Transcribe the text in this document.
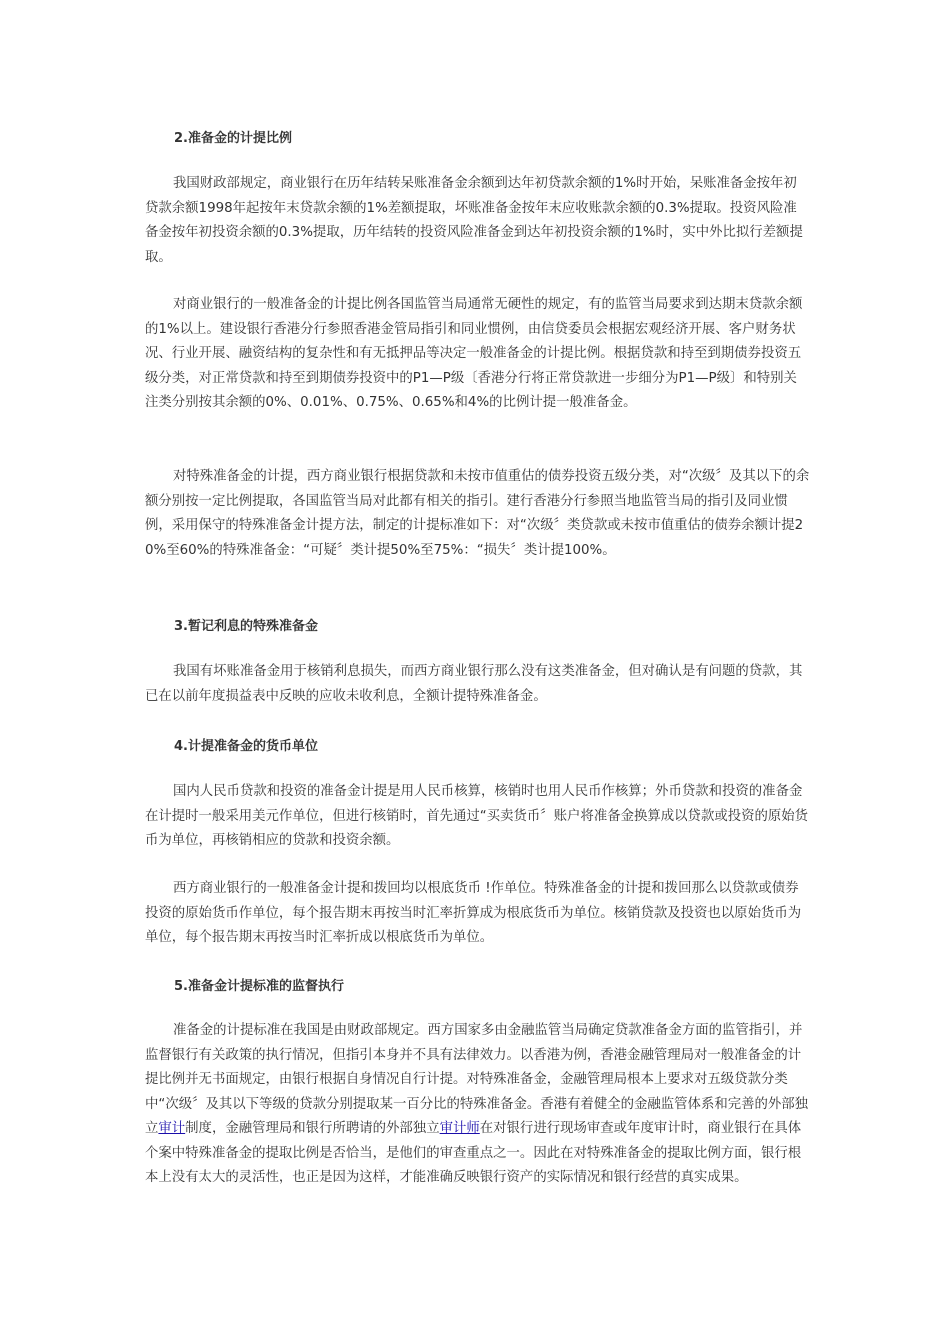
2.准备金的计提比例
我国财政部规定，商业银行在历年结转呆账准备金余额到达年初贷款余额的1%时开始，呆账准备金按年初贷款余额1998年起按年末贷款余额的1%差额提取，坏账准备金按年末应收账款余额的0.3%提取。投资风险准备金按年初投资余额的0.3%提取，历年结转的投资风险准备金到达年初投资余额的1%时，实中外比拟行差额提取。
对商业银行的一般准备金的计提比例各国监管当局通常无硬性的规定，有的监管当局要求到达期末贷款余额的1%以上。建设银行香港分行参照香港金管局指引和同业惯例，由信贷委员会根据宏观经济开展、客户财务状况、行业开展、融资结构的复杂性和有无抵押品等决定一般准备金的计提比例。根据贷款和持至到期债券投资五级分类，对正常贷款和持至到期债券投资中的P1—P级〔香港分行将正常贷款进一步细分为P1—P级〕和特别关注类分别按其余额的0%、0.01%、0.75%、0.65%和4%的比例计提一般准备金。
对特殊准备金的计提，西方商业银行根据贷款和未按市值重估的债券投资五级分类，对“次级〞及其以下的余额分别按一定比例提取，各国监管当局对此都有相关的指引。建行香港分行参照当地监管当局的指引及同业惯例，采用保守的特殊准备金计提方法，制定的计提标准如下：对“次级〞类贷款或未按市值重估的债券余额计提20%至60%的特殊准备金：“可疑〞类计提50%至75%：“损失〞类计提100%。
3.暂记利息的特殊准备金
我国有坏账准备金用于核销利息损失，而西方商业银行那么没有这类准备金，但对确认是有问题的贷款，其已在以前年度损益表中反映的应收未收利息，全额计提特殊准备金。
4.计提准备金的货币单位
国内人民币贷款和投资的准备金计提是用人民币核算，核销时也用人民币作核算；外币贷款和投资的准备金在计提时一般采用美元作单位，但进行核销时，首先通过“买卖货币〞账户将准备金换算成以贷款或投资的原始货币为单位，再核销相应的贷款和投资余额。
西方商业银行的一般准备金计提和拨回均以根底货币 !作单位。特殊准备金的计提和拨回那么以贷款或债券投资的原始货币作单位，每个报告期末再按当时汇率折算成为根底货币为单位。核销贷款及投资也以原始货币为单位，每个报告期末再按当时汇率折成以根底货币为单位。
5.准备金计提标准的监督执行
准备金的计提标准在我国是由财政部规定。西方国家多由金融监管当局确定贷款准备金方面的监管指引，并监督银行有关政策的执行情况，但指引本身并不具有法律效力。以香港为例，香港金融管理局对一般准备金的计提比例并无书面规定，由银行根据自身情况自行计提。对特殊准备金，金融管理局根本上要求对五级贷款分类中“次级〞及其以下等级的贷款分别提取某一百分比的特殊准备金。香港有着健全的金融监管体系和完善的外部独立审计制度，金融管理局和银行所聘请的外部独立审计师在对银行进行现场审查或年度审计时，商业银行在具体个案中特殊准备金的提取比例是否恰当，是他们的审查重点之一。因此在对特殊准备金的提取比例方面，银行根本上没有太大的灵活性，也正是因为这样，才能准确反映银行资产的实际情况和银行经营的真实成果。
